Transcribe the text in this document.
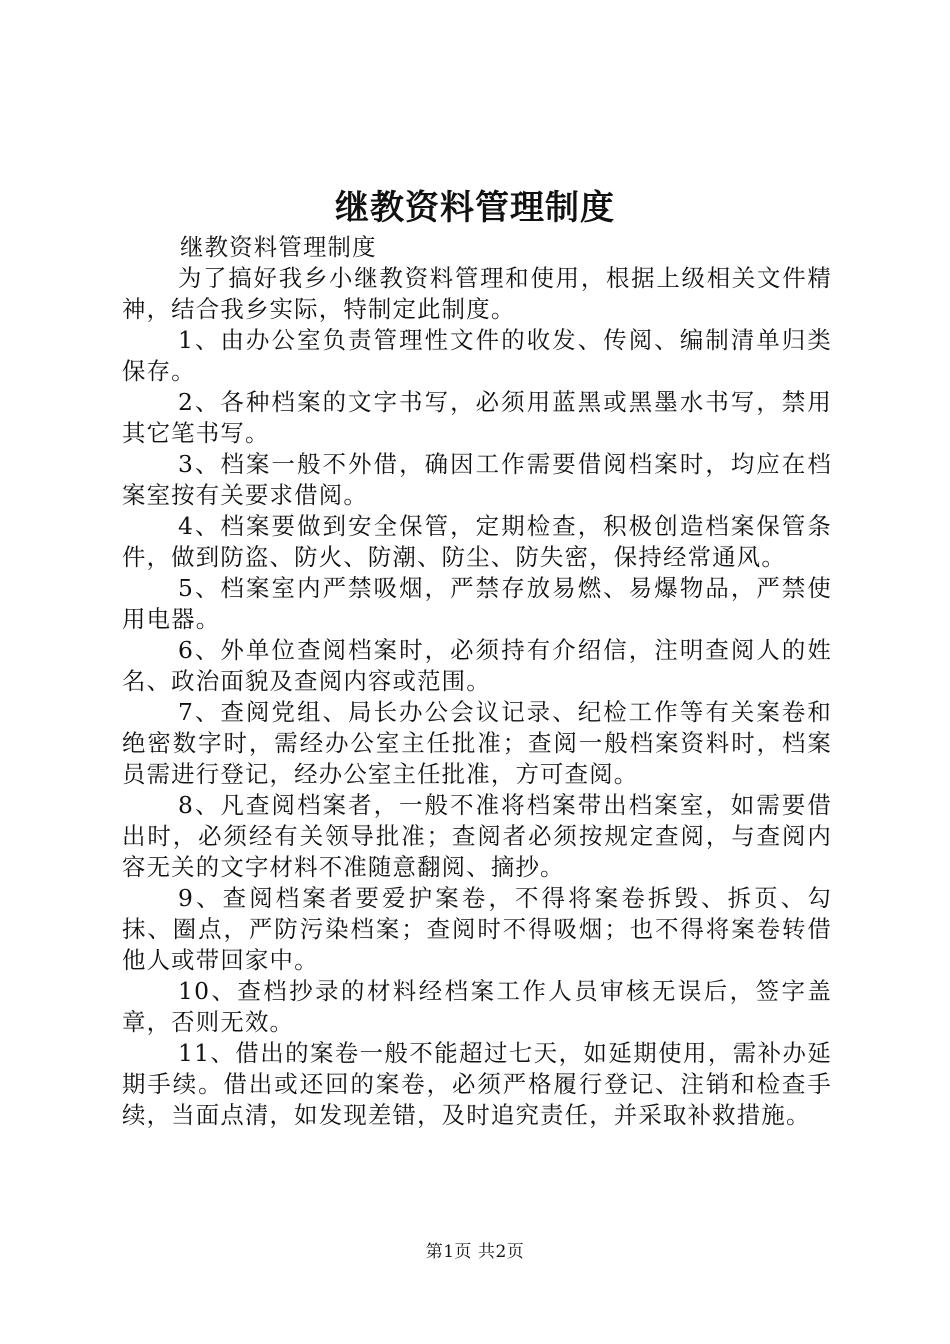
继教资料管理制度

继教资料管理制度

为了搞好我乡小继教资料管理和使用，根据上级相关文件精神，结合我乡实际，特制定此制度。

1、由办公室负责管理性文件的收发、传阅、编制清单归类保存。

2、各种档案的文字书写，必须用蓝黑或黑墨水书写，禁用其它笔书写。

3、档案一般不外借，确因工作需要借阅档案时，均应在档案室按有关要求借阅。

4、档案要做到安全保管，定期检查，积极创造档案保管条件，做到防盗、防火、防潮、防尘、防失密，保持经常通风。

5、档案室内严禁吸烟，严禁存放易燃、易爆物品，严禁使用电器。

6、外单位查阅档案时，必须持有介绍信，注明查阅人的姓名、政治面貌及查阅内容或范围。

7、查阅党组、局长办公会议记录、纪检工作等有关案卷和绝密数字时，需经办公室主任批准；查阅一般档案资料时，档案员需进行登记，经办公室主任批准，方可查阅。

8、凡查阅档案者，一般不准将档案带出档案室，如需要借出时，必须经有关领导批准；查阅者必须按规定查阅，与查阅内容无关的文字材料不准随意翻阅、摘抄。

9、查阅档案者要爱护案卷，不得将案卷拆毁、拆页、勾抹、圈点，严防污染档案；查阅时不得吸烟；也不得将案卷转借他人或带回家中。

10、查档抄录的材料经档案工作人员审核无误后，签字盖章，否则无效。

11、借出的案卷一般不能超过七天，如延期使用，需补办延期手续。借出或还回的案卷，必须严格履行登记、注销和检查手续，当面点清，如发现差错，及时追究责任，并采取补救措施。

第1页 共2页
